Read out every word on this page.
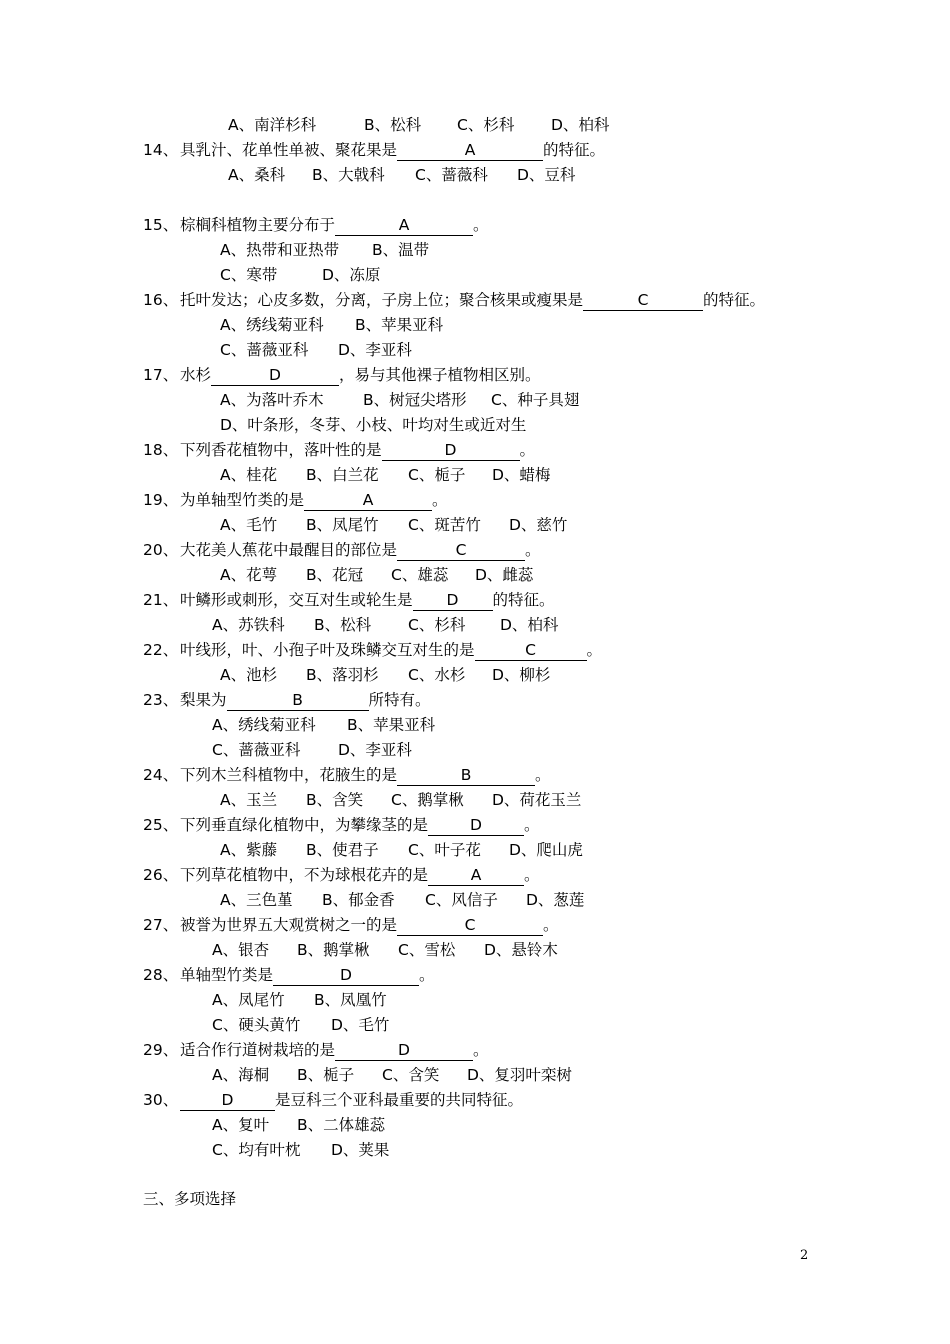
A、南洋杉科	B、松科 C、杉科 D、柏科
14、 具乳汁、花单性单被、聚花果是	A	的特征。
A、桑科 B、大戟科 C、蔷薇科 D、豆科
15、 棕榈科植物主要分布于	A	。
A、热带和亚热带 B、温带
C、寒带	D、冻原
16、 托叶发达；心皮多数，分离，子房上位；聚合核果或瘦果是	C	的特征。
A、绣线菊亚科 B、苹果亚科
C、蔷薇亚科 D、李亚科
17、 水杉	D	，易与其他裸子植物相区别。
A、为落叶乔木	B、树冠尖塔形 C、种子具翅
D、叶条形，冬芽、小枝、叶均对生或近对生
18、 下列香花植物中，落叶性的是	D	。
A、桂花 B、白兰花 C、栀子 D、蜡梅
19、 为单轴型竹类的是	A	。
A、毛竹 B、凤尾竹 C、斑苦竹 D、慈竹
20、 大花美人蕉花中最醒目的部位是	C	。
A、花萼 B、花冠 C、雄蕊 D、雌蕊
21、 叶鳞形或刺形，交互对生或轮生是 D 的特征。
A、苏铁科 B、松科 C、杉科 D、柏科
22、 叶线形，叶、小孢子叶及珠鳞交互对生的是	C	。
A、池杉 B、落羽杉 C、水杉 D、柳杉
23、 梨果为	B	所特有。
A、绣线菊亚科 B、苹果亚科
C、蔷薇亚科 D、李亚科
24、 下列木兰科植物中，花腋生的是	B	。
A、玉兰 B、含笑 C、鹅掌楸 D、荷花玉兰
25、 下列垂直绿化植物中，为攀缘茎的是	D	。
A、紫藤 B、使君子 C、叶子花 D、爬山虎
26、 下列草花植物中，不为球根花卉的是	A	。
A、三色堇 B、郁金香 C、风信子 D、葱莲
27、 被誉为世界五大观赏树之一的是	C	。
A、银杏 B、鹅掌楸 C、雪松 D、悬铃木
28、 单轴型竹类是	D	。
A、凤尾竹 B、凤凰竹
C、硬头黄竹 D、毛竹
29、 适合作行道树栽培的是	D	。
A、海桐 B、栀子 C、含笑 D、复羽叶栾树
30、	D	是豆科三个亚科最重要的共同特征。
A、复叶 B、二体雄蕊
C、均有叶枕 D、荚果
三、多项选择
2
